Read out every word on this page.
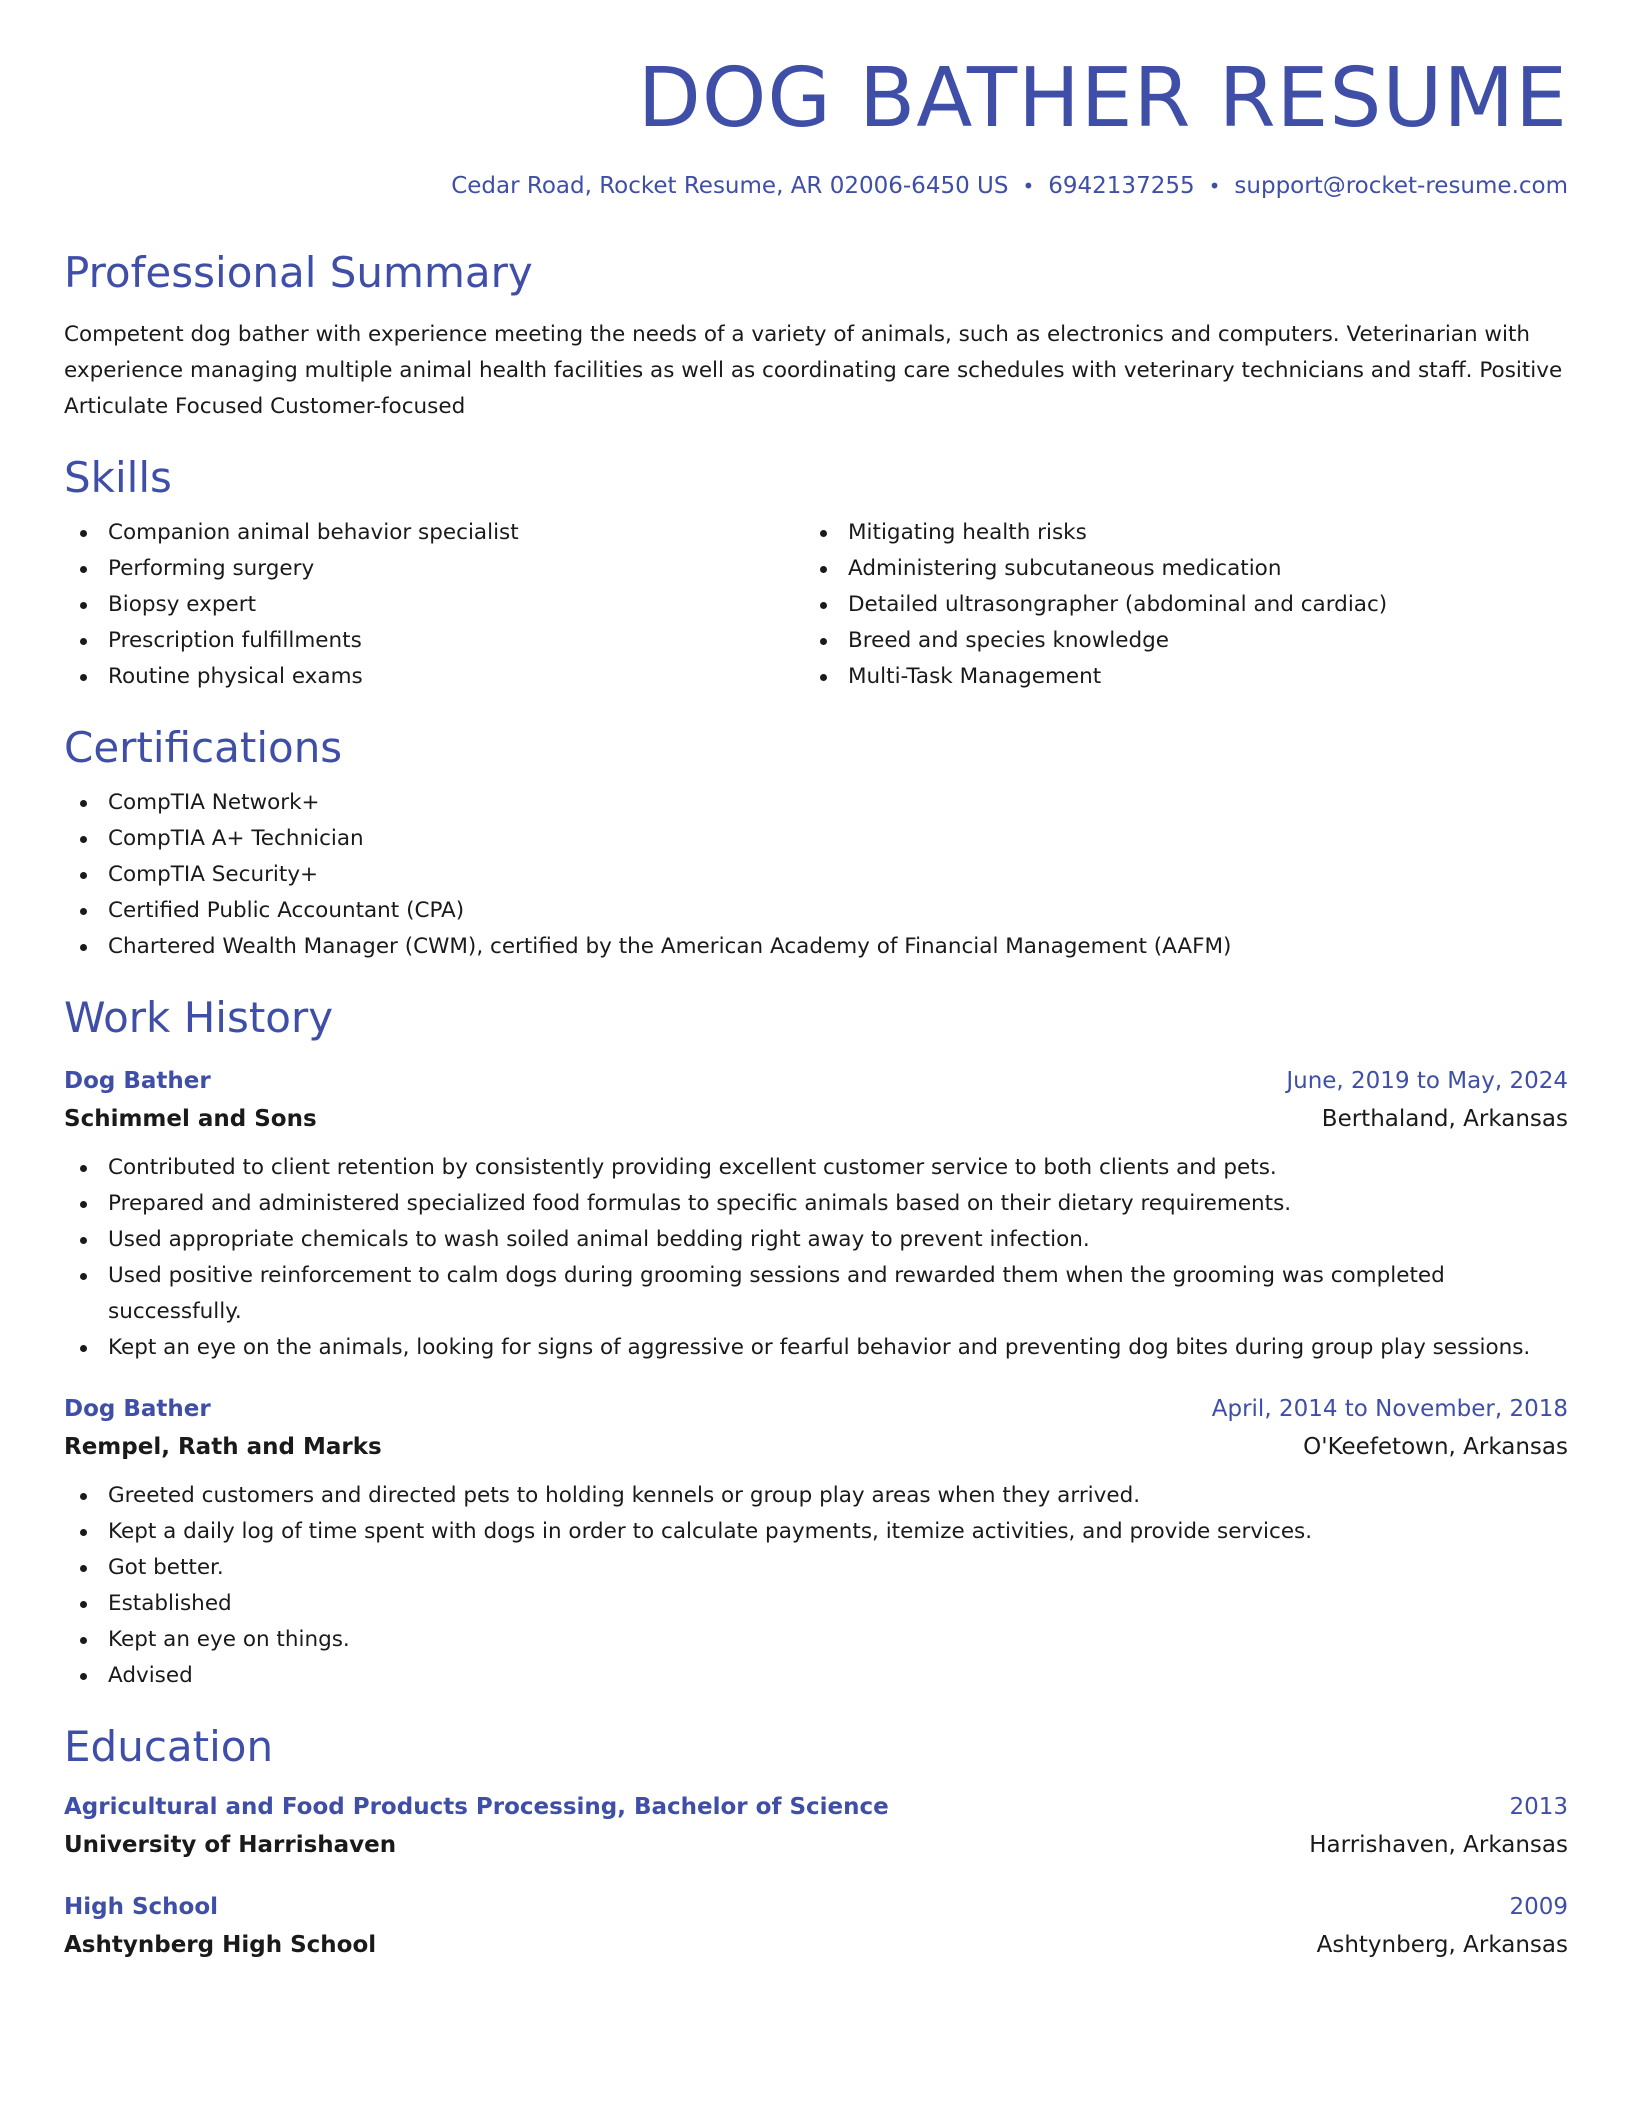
DOG BATHER RESUME
Cedar Road, Rocket Resume, AR 02006-6450 US • 6942137255 • support@rocket-resume.com
Professional Summary

Competent dog bather with experience meeting the needs of a variety of animals, such as electronics and computers. Veterinarian with experience managing multiple animal health facilities as well as coordinating care schedules with veterinary technicians and staff. Positive Articulate Focused Customer-focused

Skills
Companion animal behavior specialist
Performing surgery
Biopsy expert
Prescription fulfillments
Routine physical exams
Mitigating health risks
Administering subcutaneous medication
Detailed ultrasongrapher (abdominal and cardiac)
Breed and species knowledge
Multi-Task Management
Certifications
CompTIA Network+
CompTIA A+ Technician
CompTIA Security+
Certified Public Accountant (CPA)
Chartered Wealth Manager (CWM), certified by the American Academy of Financial Management (AAFM)
Work History
Dog Bather	June, 2019 to May, 2024
Schimmel and Sons	Berthaland, Arkansas
Contributed to client retention by consistently providing excellent customer service to both clients and pets.
Prepared and administered specialized food formulas to specific animals based on their dietary requirements.
Used appropriate chemicals to wash soiled animal bedding right away to prevent infection.
Used positive reinforcement to calm dogs during grooming sessions and rewarded them when the grooming was completed successfully.
Kept an eye on the animals, looking for signs of aggressive or fearful behavior and preventing dog bites during group play sessions.
Dog Bather	April, 2014 to November, 2018
Rempel, Rath and Marks	O'Keefetown, Arkansas
Greeted customers and directed pets to holding kennels or group play areas when they arrived.
Kept a daily log of time spent with dogs in order to calculate payments, itemize activities, and provide services.
Got better.
Established
Kept an eye on things.
Advised
Education
Agricultural and Food Products Processing, Bachelor of Science	2013
University of Harrishaven	Harrishaven, Arkansas
High School	2009
Ashtynberg High School	Ashtynberg, Arkansas
